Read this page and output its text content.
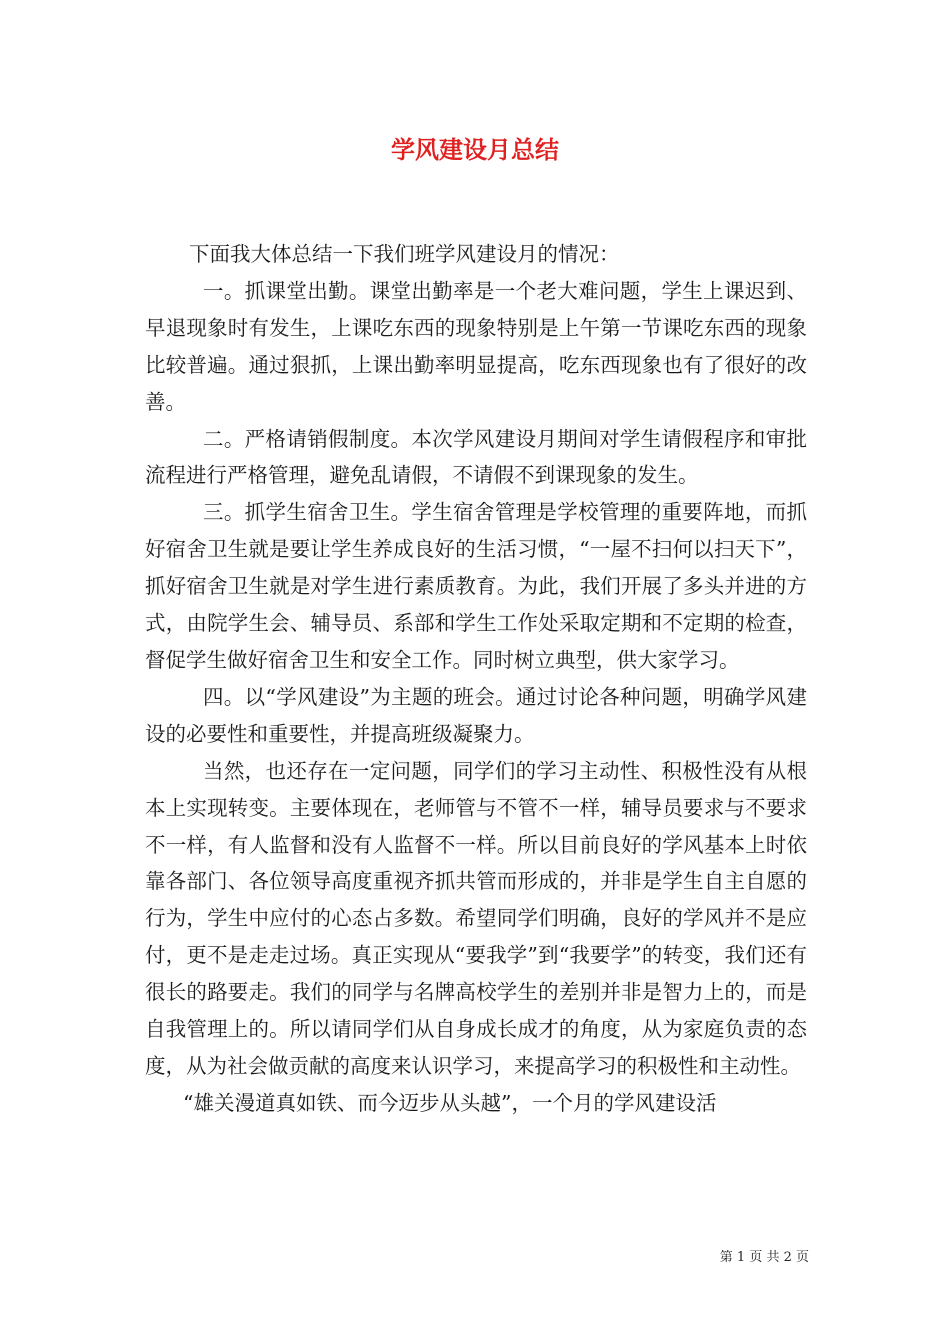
学风建设月总结

下面我大体总结一下我们班学风建设月的情况：

一。抓课堂出勤。课堂出勤率是一个老大难问题，学生上课迟到、早退现象时有发生，上课吃东西的现象特别是上午第一节课吃东西的现象比较普遍。通过狠抓，上课出勤率明显提高，吃东西现象也有了很好的改善。

二。严格请销假制度。本次学风建设月期间对学生请假程序和审批流程进行严格管理，避免乱请假，不请假不到课现象的发生。

三。抓学生宿舍卫生。学生宿舍管理是学校管理的重要阵地，而抓好宿舍卫生就是要让学生养成良好的生活习惯，“一屋不扫何以扫天下”，抓好宿舍卫生就是对学生进行素质教育。为此，我们开展了多头并进的方式，由院学生会、辅导员、系部和学生工作处采取定期和不定期的检查，督促学生做好宿舍卫生和安全工作。同时树立典型，供大家学习。

四。以“学风建设”为主题的班会。通过讨论各种问题，明确学风建设的必要性和重要性，并提高班级凝聚力。

当然，也还存在一定问题，同学们的学习主动性、积极性没有从根本上实现转变。主要体现在，老师管与不管不一样，辅导员要求与不要求不一样，有人监督和没有人监督不一样。所以目前良好的学风基本上时依靠各部门、各位领导高度重视齐抓共管而形成的，并非是学生自主自愿的行为，学生中应付的心态占多数。希望同学们明确，良好的学风并不是应付，更不是走走过场。真正实现从“要我学”到“我要学”的转变，我们还有很长的路要走。我们的同学与名牌高校学生的差别并非是智力上的，而是自我管理上的。所以请同学们从自身成长成才的角度，从为家庭负责的态度，从为社会做贡献的高度来认识学习，来提高学习的积极性和主动性。

“雄关漫道真如铁、而今迈步从头越”，一个月的学风建设活

第 1 页 共 2 页
